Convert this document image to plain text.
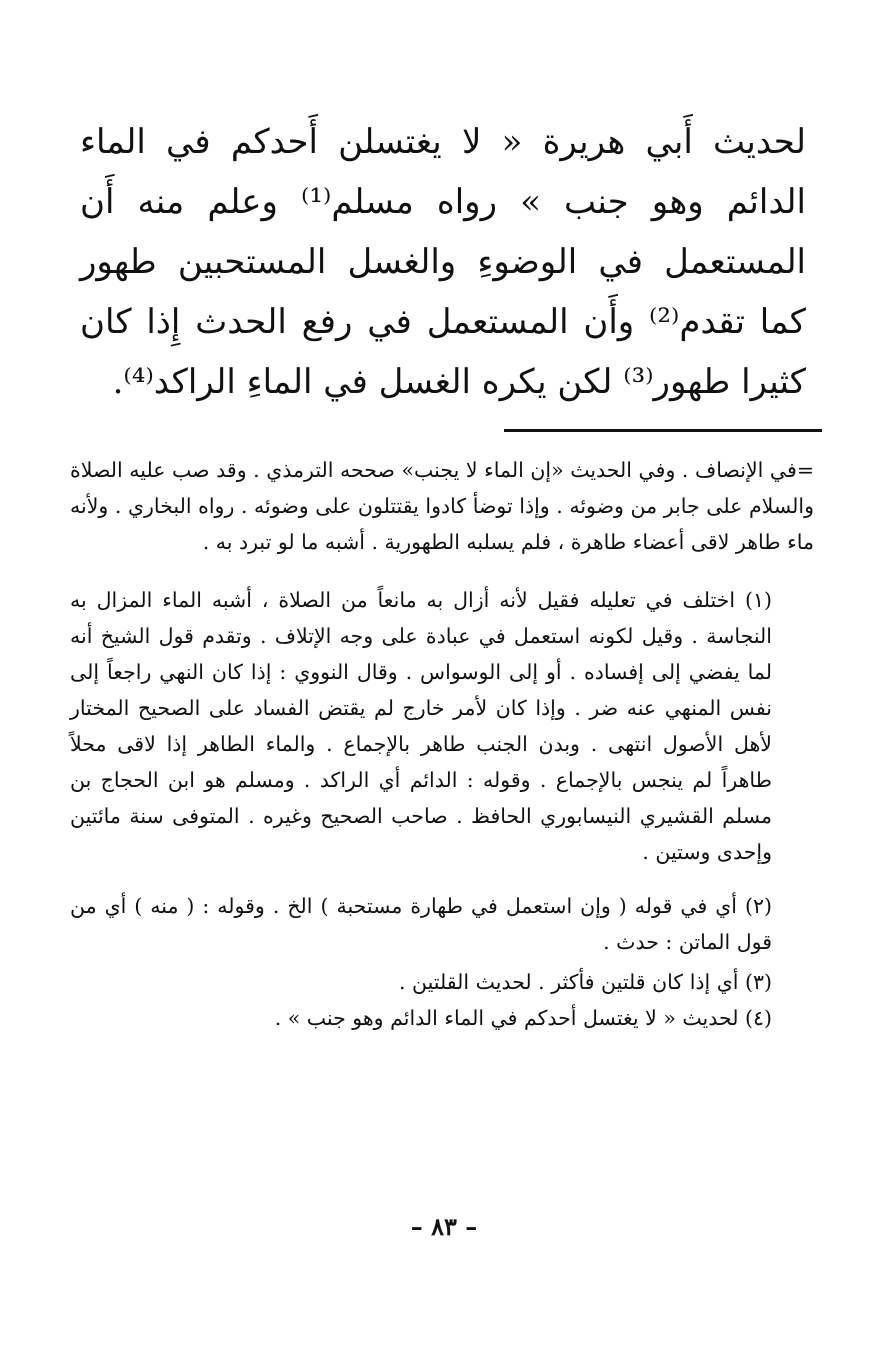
لحديث أَبي هريرة « لا يغتسلن أَحدكم في الماء الدائم وهو جنب » رواه مسلم⁽¹⁾ وعلم منه أَن المستعمل في الوضوءِ والغسل المستحبين طهور كما تقدم⁽²⁾ وأَن المستعمل في رفع الحدث إِذا كان كثيرا طهور⁽³⁾ لكن يكره الغسل في الماءِ الراكد⁽⁴⁾.

=في الإنصاف . وفي الحديث «إن الماء لا يجنب» صححه الترمذي . وقد صب عليه الصلاة والسلام على جابر من وضوئه . وإذا توضأ كادوا يقتتلون على وضوئه . رواه البخاري . ولأنه ماء طاهر لاقى أعضاء طاهرة ، فلم يسلبه الطهورية . أشبه ما لو تبرد به .

(١) اختلف في تعليله فقيل لأنه أزال به مانعاً من الصلاة ، أشبه الماء المزال به النجاسة . وقيل لكونه استعمل في عبادة على وجه الإتلاف . وتقدم قول الشيخ أنه لما يفضي إلى إفساده . أو إلى الوسواس . وقال النووي : إذا كان النهي راجعاً إلى نفس المنهي عنه ضر . وإذا كان لأمر خارج لم يقتض الفساد على الصحيح المختار لأهل الأصول انتهى . وبدن الجنب طاهر بالإجماع . والماء الطاهر إذا لاقى محلاً طاهراً لم ينجس بالإجماع . وقوله : الدائم أي الراكد . ومسلم هو ابن الحجاج بن مسلم القشيري النيسابوري الحافظ . صاحب الصحيح وغيره . المتوفى سنة مائتين وإحدى وستين .

(٢) أي في قوله ( وإن استعمل في طهارة مستحبة ) الخ . وقوله : ( منه ) أي من قول الماتن : حدث .

(٣) أي إذا كان قلتين فأكثر . لحديث القلتين .

(٤) لحديث « لا يغتسل أحدكم في الماء الدائم وهو جنب » .

– ٨٣ –
